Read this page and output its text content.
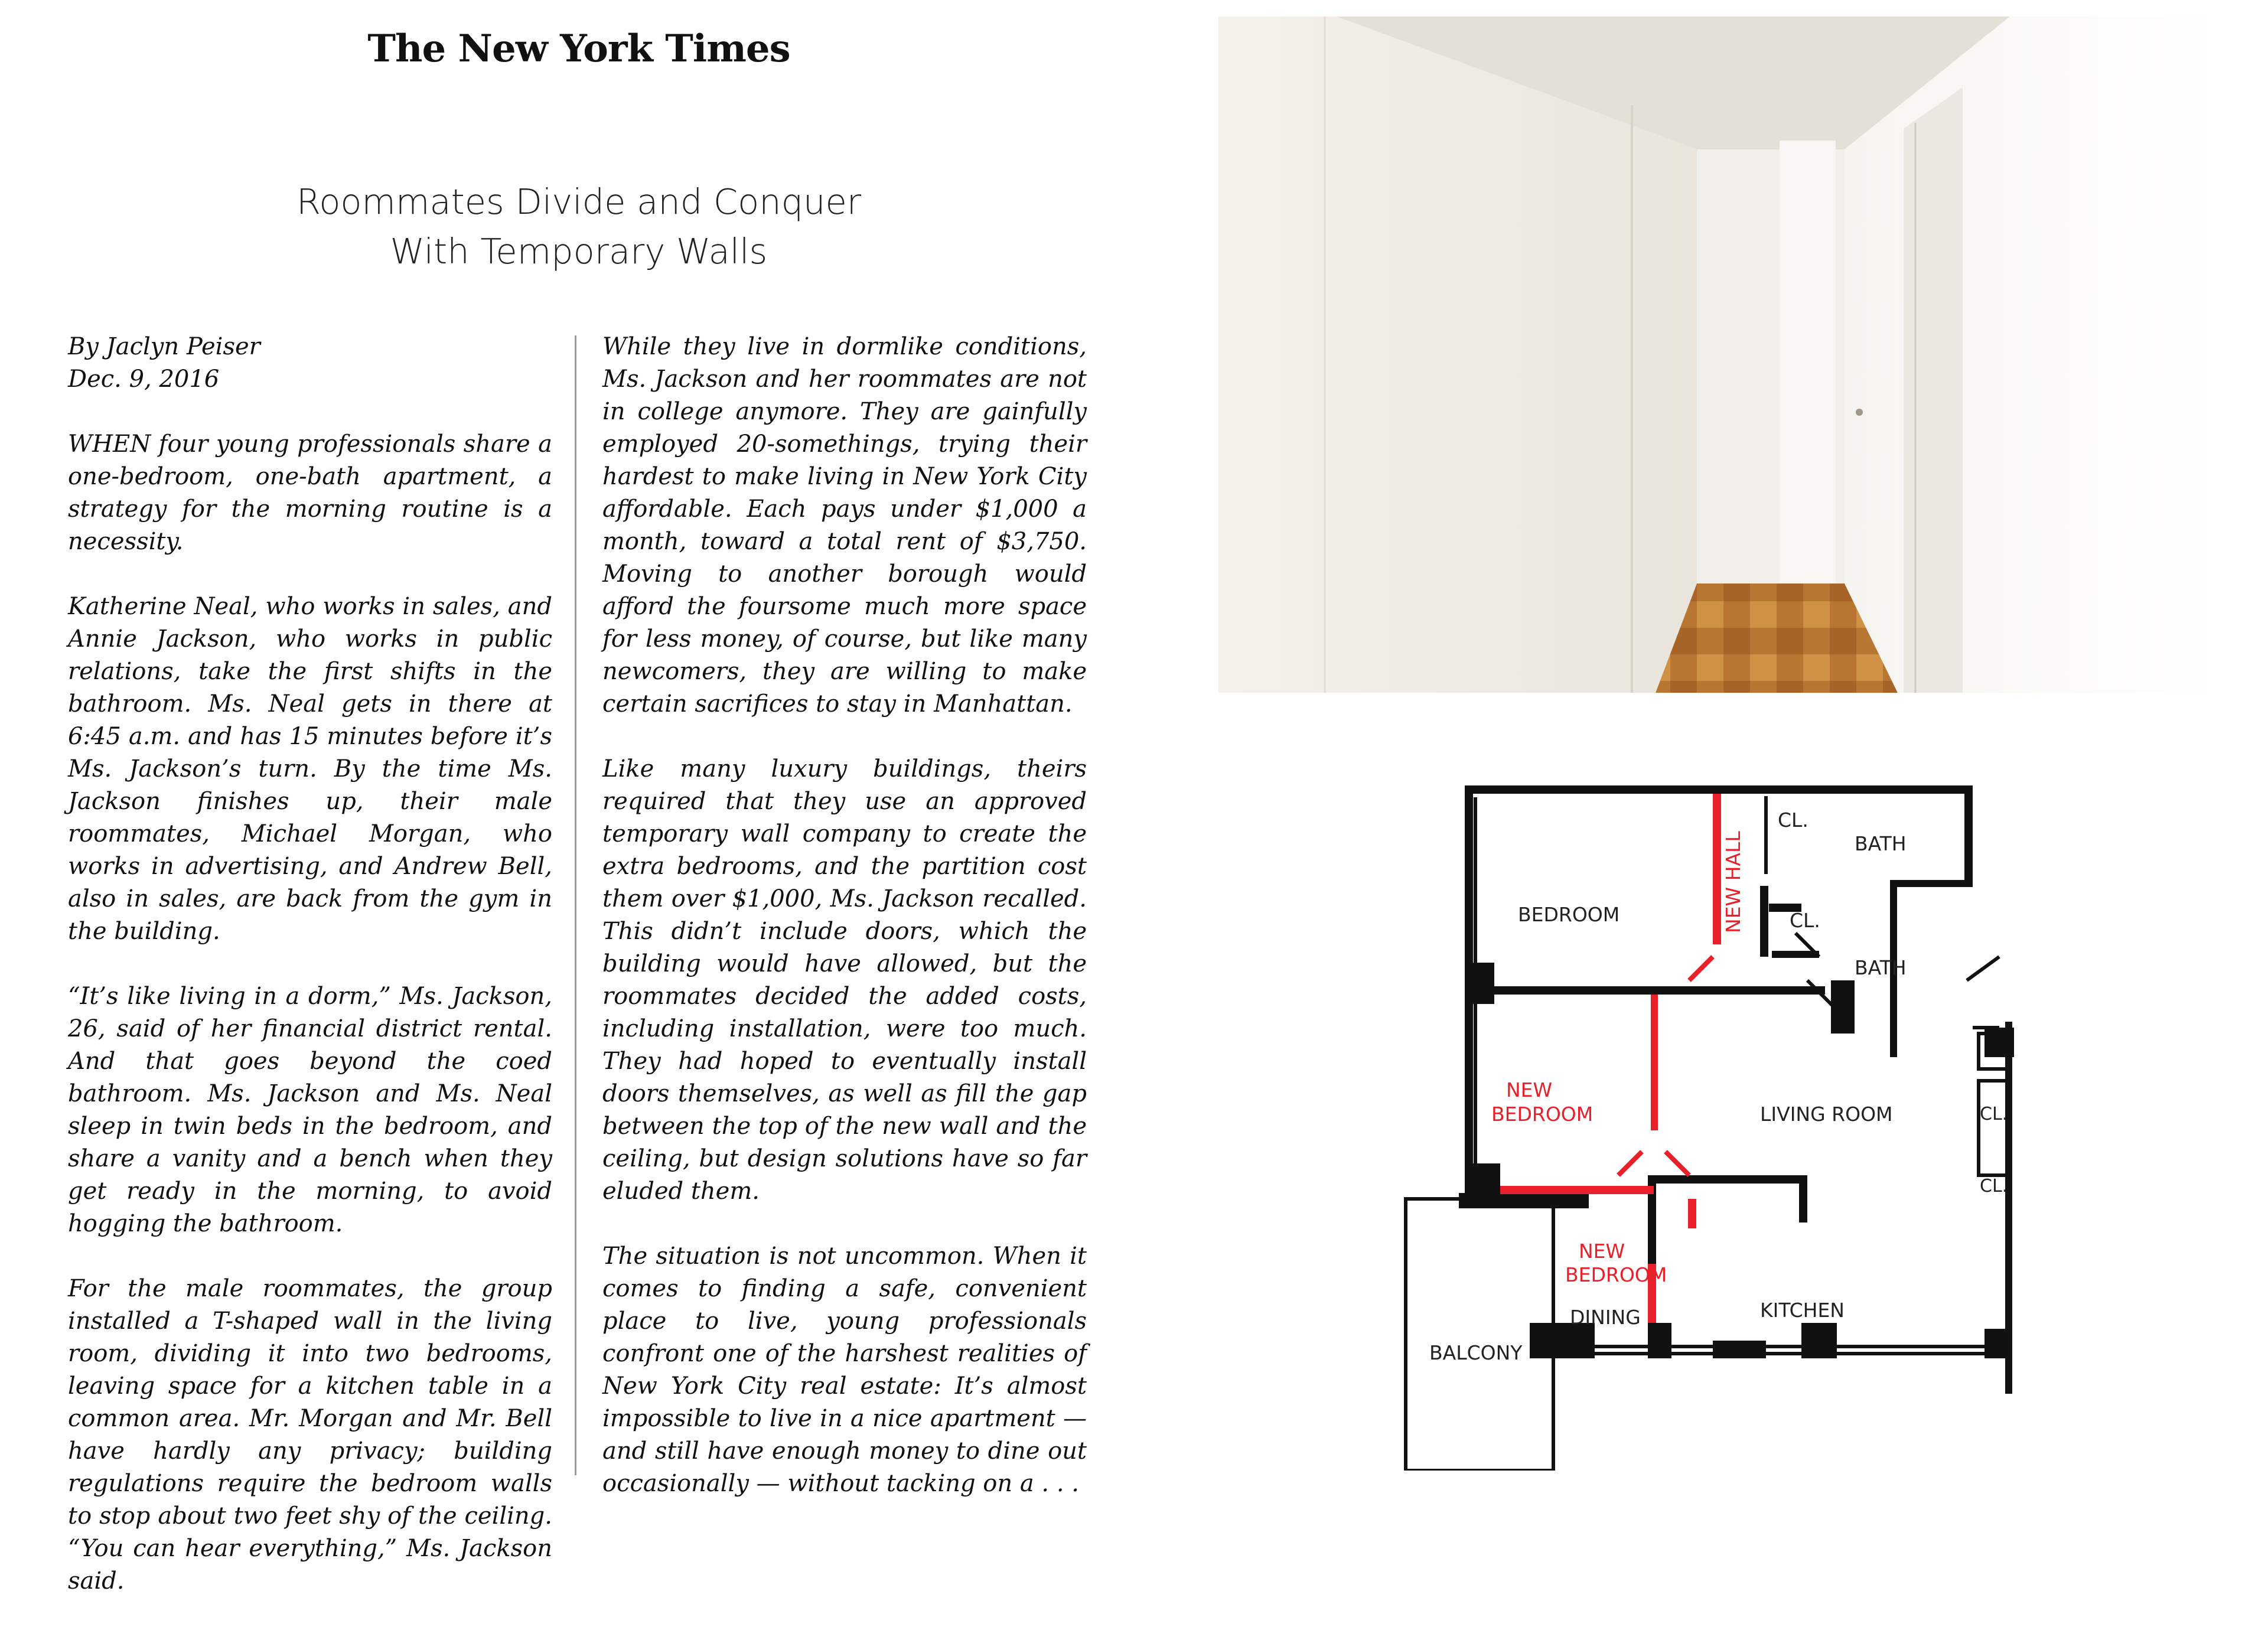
The New York Times
Roommates Divide and Conquer
With Temporary Walls

By Jaclyn Peiser
Dec. 9, 2016

WHEN four young professionals share a one-bedroom, one-bath apartment, a strategy for the morning routine is a necessity.

Katherine Neal, who works in sales, and Annie Jackson, who works in public relations, take the first shifts in the bathroom. Ms. Neal gets in there at 6:45 a.m. and has 15 minutes before it’s Ms. Jackson’s turn. By the time Ms. Jackson finishes up, their male roommates, Michael Morgan, who works in advertising, and Andrew Bell, also in sales, are back from the gym in the building.

“It’s like living in a dorm,” Ms. Jackson, 26, said of her financial district rental. And that goes beyond the coed bathroom. Ms. Jackson and Ms. Neal sleep in twin beds in the bedroom, and share a vanity and a bench when they get ready in the morning, to avoid hogging the bathroom.

For the male roommates, the group installed a T-shaped wall in the living room, dividing it into two bedrooms, leaving space for a kitchen table in a common area. Mr. Morgan and Mr. Bell have hardly any privacy; building regulations require the bedroom walls to stop about two feet shy of the ceiling. “You can hear everything,” Ms. Jackson said.

While they live in dormlike conditions, Ms. Jackson and her roommates are not in college anymore. They are gainfully employed 20-somethings, trying their hardest to make living in New York City affordable. Each pays under $1,000 a month, toward a total rent of $3,750. Moving to another borough would afford the foursome much more space for less money, of course, but like many newcomers, they are willing to make certain sacrifices to stay in Manhattan.

Like many luxury buildings, theirs required that they use an approved temporary wall company to create the extra bedrooms, and the partition cost them over $1,000, Ms. Jackson recalled. This didn’t include doors, which the building would have allowed, but the roommates decided the added costs, including installation, were too much. They had hoped to eventually install doors themselves, as well as fill the gap between the top of the new wall and the ceiling, but design solutions have so far eluded them.

The situation is not uncommon. When it comes to finding a safe, convenient place to live, young professionals confront one of the harshest realities of New York City real estate: It’s almost impossible to live in a nice apartment — and still have enough money to dine out occasionally — without tacking on a . . .

BEDROOM	NEW HALL
CL.
BATH
CL.
BATH
NEW
BEDROOM	LIVING ROOM	CL.
CL.
NEW
BEDROOM
DINING	KITCHEN
BALCONY
